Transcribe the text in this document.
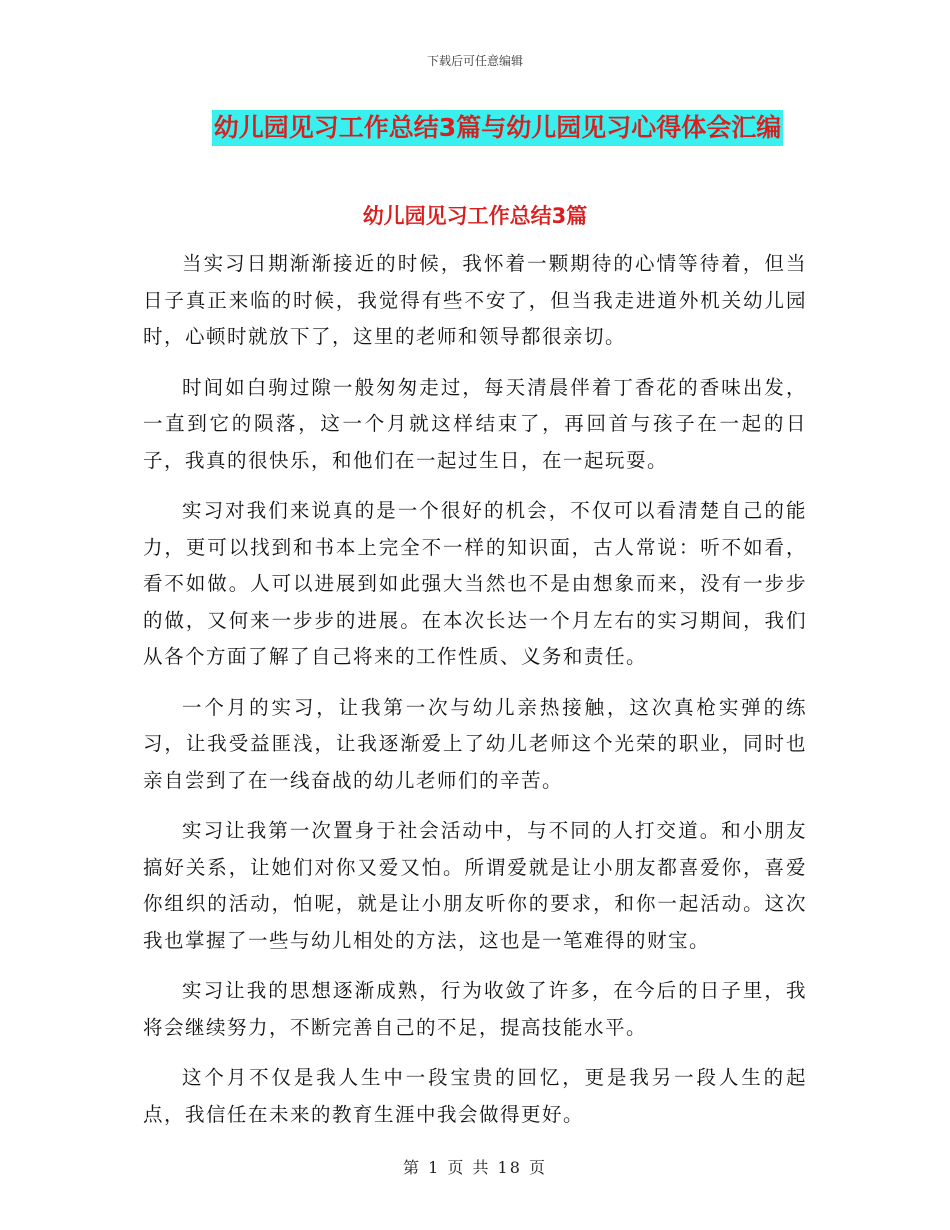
下载后可任意编辑
幼儿园见习工作总结3篇与幼儿园见习心得体会汇编
幼儿园见习工作总结3篇

当实习日期渐渐接近的时候，我怀着一颗期待的心情等待着，但当日子真正来临的时候，我觉得有些不安了，但当我走进道外机关幼儿园时，心顿时就放下了，这里的老师和领导都很亲切。

时间如白驹过隙一般匆匆走过，每天清晨伴着丁香花的香味出发，一直到它的陨落，这一个月就这样结束了，再回首与孩子在一起的日子，我真的很快乐，和他们在一起过生日，在一起玩耍。

实习对我们来说真的是一个很好的机会，不仅可以看清楚自己的能力，更可以找到和书本上完全不一样的知识面，古人常说：听不如看，看不如做。人可以进展到如此强大当然也不是由想象而来，没有一步步的做，又何来一步步的进展。在本次长达一个月左右的实习期间，我们从各个方面了解了自己将来的工作性质、义务和责任。

一个月的实习，让我第一次与幼儿亲热接触，这次真枪实弹的练习，让我受益匪浅，让我逐渐爱上了幼儿老师这个光荣的职业，同时也亲自尝到了在一线奋战的幼儿老师们的辛苦。

实习让我第一次置身于社会活动中，与不同的人打交道。和小朋友搞好关系，让她们对你又爱又怕。所谓爱就是让小朋友都喜爱你，喜爱你组织的活动，怕呢，就是让小朋友听你的要求，和你一起活动。这次我也掌握了一些与幼儿相处的方法，这也是一笔难得的财宝。

实习让我的思想逐渐成熟，行为收敛了许多，在今后的日子里，我将会继续努力，不断完善自己的不足，提高技能水平。

这个月不仅是我人生中一段宝贵的回忆，更是我另一段人生的起点，我信任在未来的教育生涯中我会做得更好。

第 1 页 共 18 页
